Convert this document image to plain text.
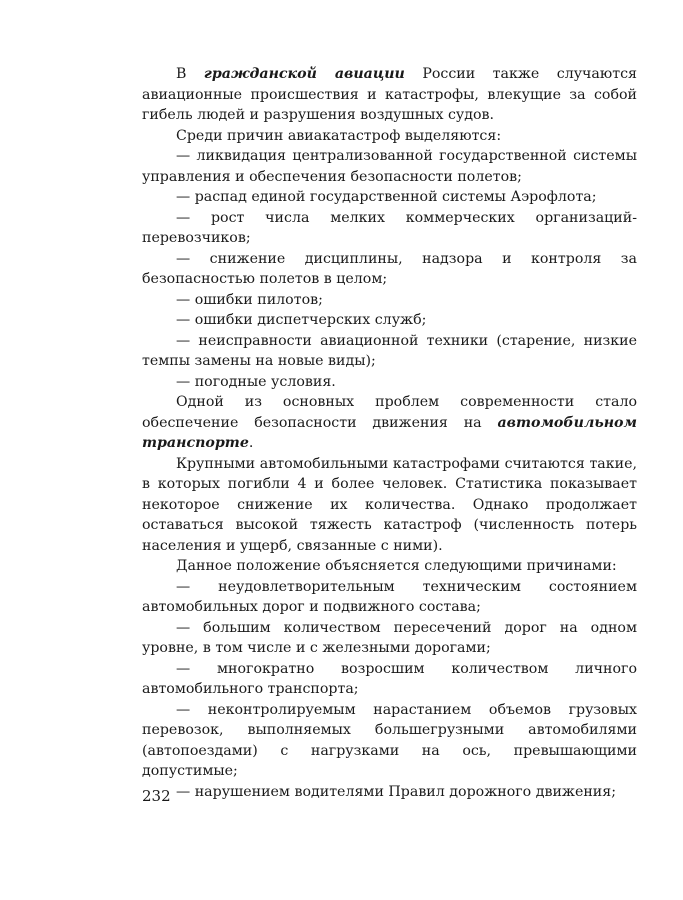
В гражданской авиации России также случаются авиационные происшествия и катастрофы, влекущие за собой гибель людей и разрушения воздушных судов.

Среди причин авиакатастроф выделяются:

— ликвидация централизованной государственной системы управления и обеспечения безопасности полетов;

— распад единой государственной системы Аэрофлота;

— рост числа мелких коммерческих организаций-перевозчиков;

— снижение дисциплины, надзора и контроля за безопасностью полетов в целом;

— ошибки пилотов;

— ошибки диспетчерских служб;

— неисправности авиационной техники (старение, низкие темпы замены на новые виды);

— погодные условия.

Одной из основных проблем современности стало обеспечение безопасности движения на автомобильном транспорте.

Крупными автомобильными катастрофами считаются такие, в которых погибли 4 и более человек. Статистика показывает некоторое снижение их количества. Однако продолжает оставаться высокой тяжесть катастроф (численность потерь населения и ущерб, связанные с ними).

Данное положение объясняется следующими причинами:

— неудовлетворительным техническим состоянием автомобильных дорог и подвижного состава;

— большим количеством пересечений дорог на одном уровне, в том числе и с железными дорогами;

— многократно возросшим количеством личного автомобильного транспорта;

— неконтролируемым нарастанием объемов грузовых перевозок, выполняемых большегрузными автомобилями (автопоездами) с нагрузками на ось, превышающими допустимые;

— нарушением водителями Правил дорожного движения;

232
